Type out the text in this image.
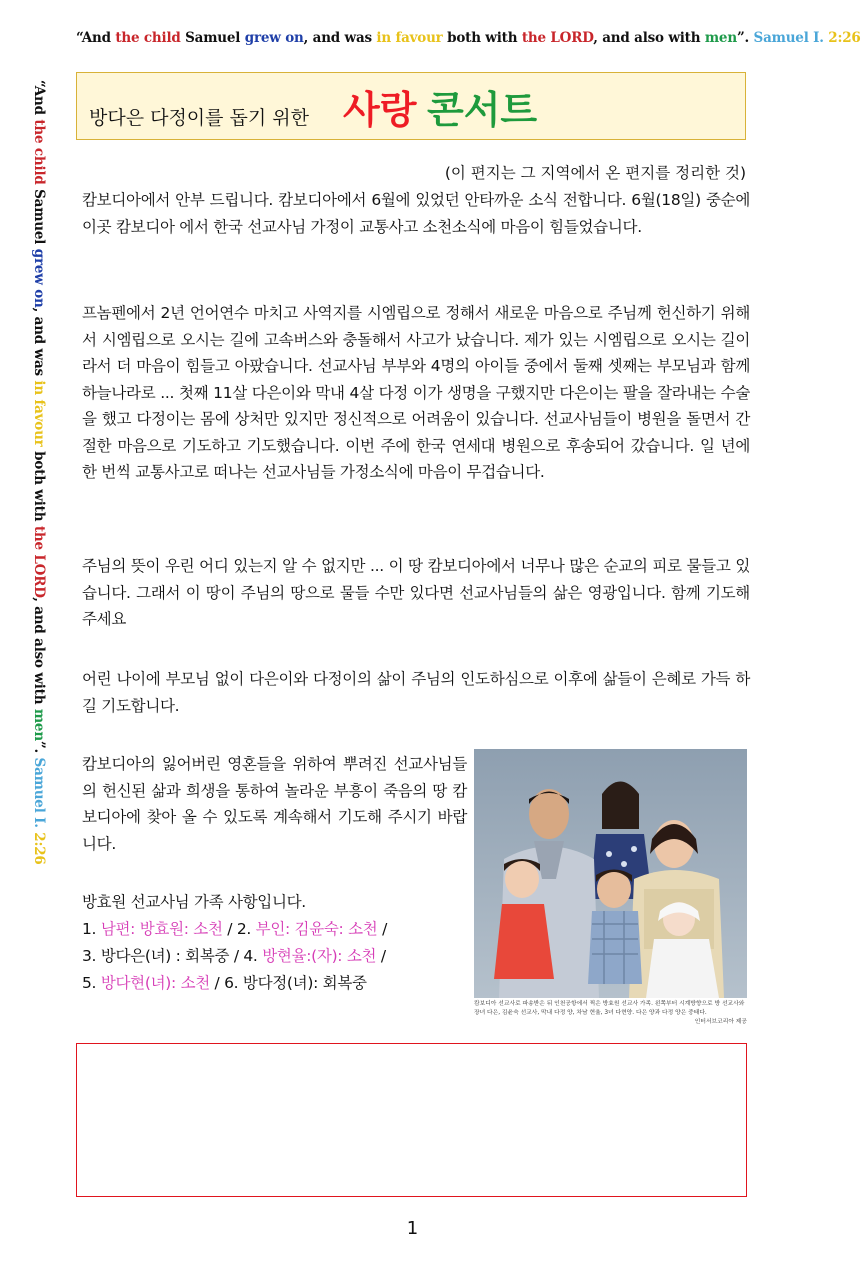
“And the child Samuel grew on, and was in favour both with the LORD, and also with men”. Samuel I. 2:26
“And the child Samuel grew on, and was in favour both with the LORD, and also with men”. Samuel I. 2:26
방다은 다정이를 돕기 위한 사랑 콘서트
(이 편지는 그 지역에서 온 편지를 정리한 것)
캄보디아에서 안부 드립니다. 캄보디아에서 6월에 있었던 안타까운 소식 전합니다. 6월(18일) 중순에 이곳 캄보디아 에서 한국 선교사님 가정이 교통사고 소천소식에 마음이 힘들었습니다.
프놈펜에서 2년 언어연수 마치고 사역지를 시엠립으로 정해서 새로운 마음으로 주님께 헌신하기 위해서 시엠립으로 오시는 길에 고속버스와 충돌해서 사고가 났습니다. 제가 있는 시엠립으로 오시는 길이라서 더 마음이 힘들고 아팠습니다. 선교사님 부부와 4명의 아이들 중에서 둘째 셋째는 부모님과 함께 하늘나라로 ... 첫째 11살 다은이와 막내 4살 다정 이가 생명을 구했지만 다은이는 팔을 잘라내는 수술을 했고 다정이는 몸에 상처만 있지만 정신적으로 어려움이 있습니다. 선교사님들이 병원을 돌면서 간절한 마음으로 기도하고 기도했습니다. 이번 주에 한국 연세대 병원으로 후송되어 갔습니다. 일 년에 한 번씩 교통사고로 떠나는 선교사님들 가정소식에 마음이 무겁습니다.
주님의 뜻이 우린 어디 있는지 알 수 없지만 ... 이 땅 캄보디아에서 너무나 많은 순교의 피로 물들고 있습니다. 그래서 이 땅이 주님의 땅으로 물들 수만 있다면 선교사님들의 삶은 영광입니다. 함께 기도해 주세요
어린 나이에 부모님 없이 다은이와 다정이의 삶이 주님의 인도하심으로 이후에 삶들이 은혜로 가득 하길 기도합니다.
캄보디아의 잃어버린 영혼들을 위하여 뿌려진 선교사님들의 헌신된 삶과 희생을 통하여 놀라운 부흥이 죽음의 땅 캄보디아에 찾아 올 수 있도록 계속해서 기도해 주시기 바랍니다.
방효원 선교사님 가족 사항입니다.
1. 남편: 방효원: 소천 / 2. 부인: 김윤숙: 소천 /
3. 방다은(녀) : 회복중 / 4. 방현율:(자): 소천 /
5. 방다현(녀): 소천 / 6. 방다정(녀): 회복중
캄보디아 선교사로 파송받은 뒤 인천공항에서 찍은 방효원 선교사 가족. 왼쪽부터 시계방향으로 방 선교사와 장녀 다은, 김윤숙 선교사, 막내 다정 양, 차남 현율, 3녀 다현양. 다은 양과 다정 양은 중태다.
인터서브코리아 제공
1
